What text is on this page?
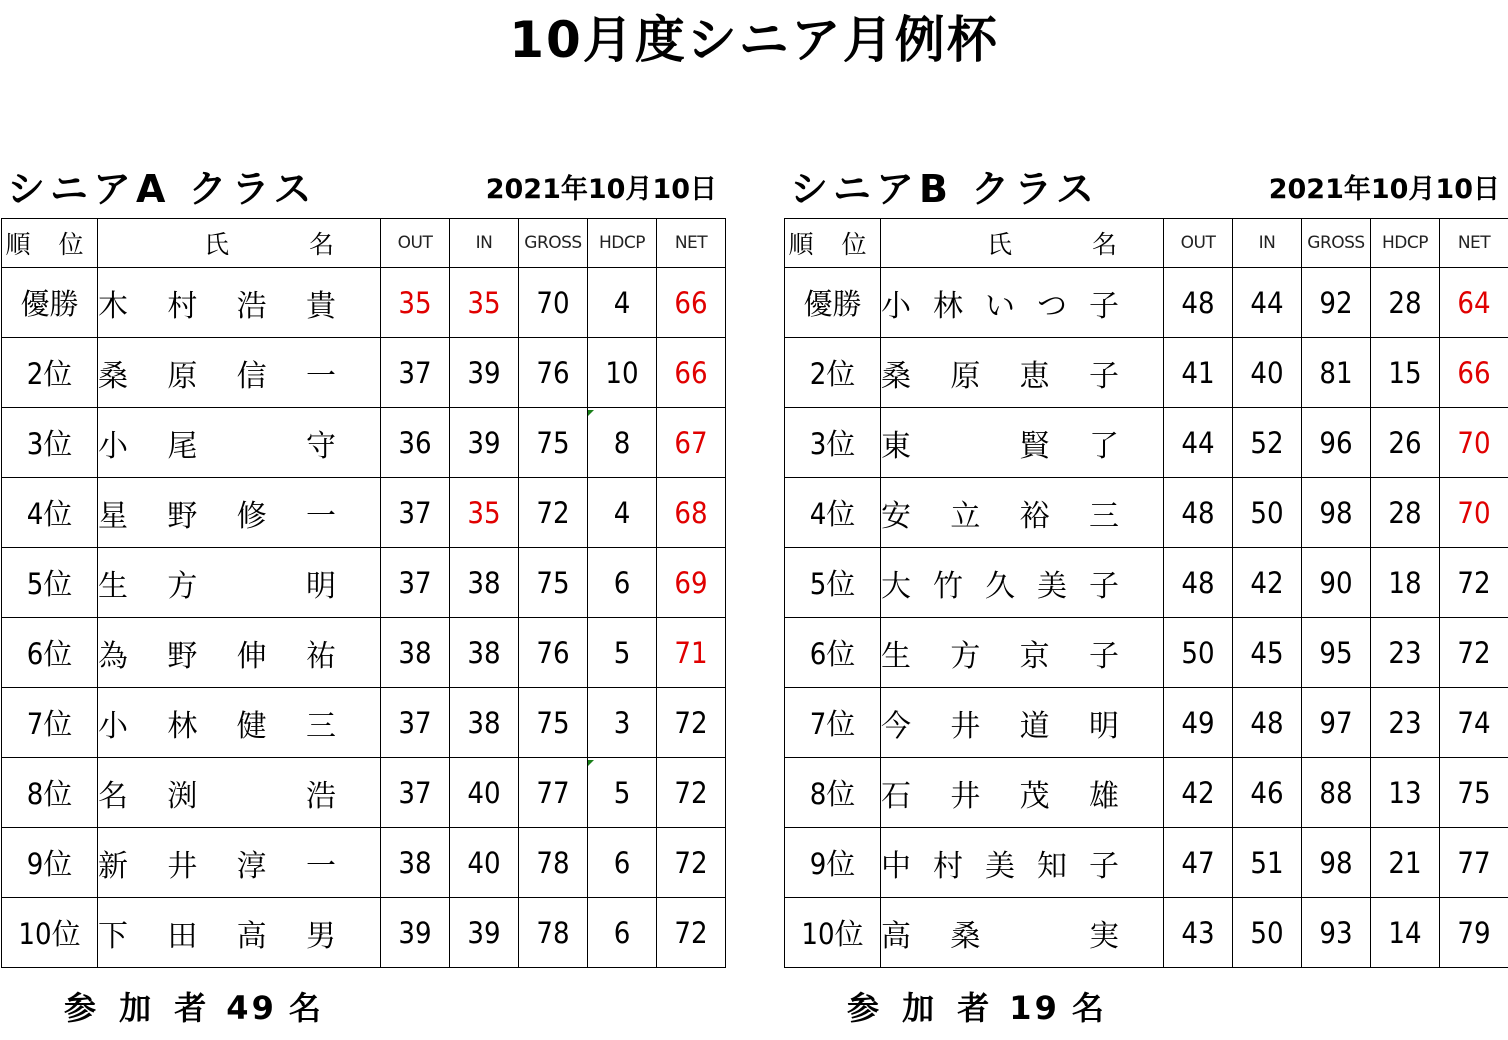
10月度シニア月例杯
シニアA クラス	2021年10月10日
順 位	氏　　名	OUT	IN	GROSS	HDCP	NET
優勝	木 村 浩 貴	35	35	70	4	66
2位	桑 原 信 一	37	39	76	10	66
3位	小 尾 　 守	36	39	75	8	67
4位	星 野 修 一	37	35	72	4	68
5位	生 方 　 明	37	38	75	6	69
6位	為 野 伸 祐	38	38	76	5	71
7位	小 林 健 三	37	38	75	3	72
8位	名 渕 　 浩	37	40	77	5	72
9位	新 井 淳 一	38	40	78	6	72
10位	下 田 高 男	39	39	78	6	72
シニアB クラス	2021年10月10日
順 位	氏　　名	OUT	IN	GROSS	HDCP	NET
優勝	小 林 い つ 子	48	44	92	28	64
2位	桑 原 恵 子	41	40	81	15	66
3位	東 　 賢 了	44	52	96	26	70
4位	安 立 裕 三	48	50	98	28	70
5位	大 竹 久 美 子	48	42	90	18	72
6位	生 方 京 子	50	45	95	23	72
7位	今 井 道 明	49	48	97	23	74
8位	石 井 茂 雄	42	46	88	13	75
9位	中 村 美 知 子	47	51	98	21	77
10位	高 桑 　 実	43	50	93	14	79
参 加 者 49 名	参 加 者 19 名
